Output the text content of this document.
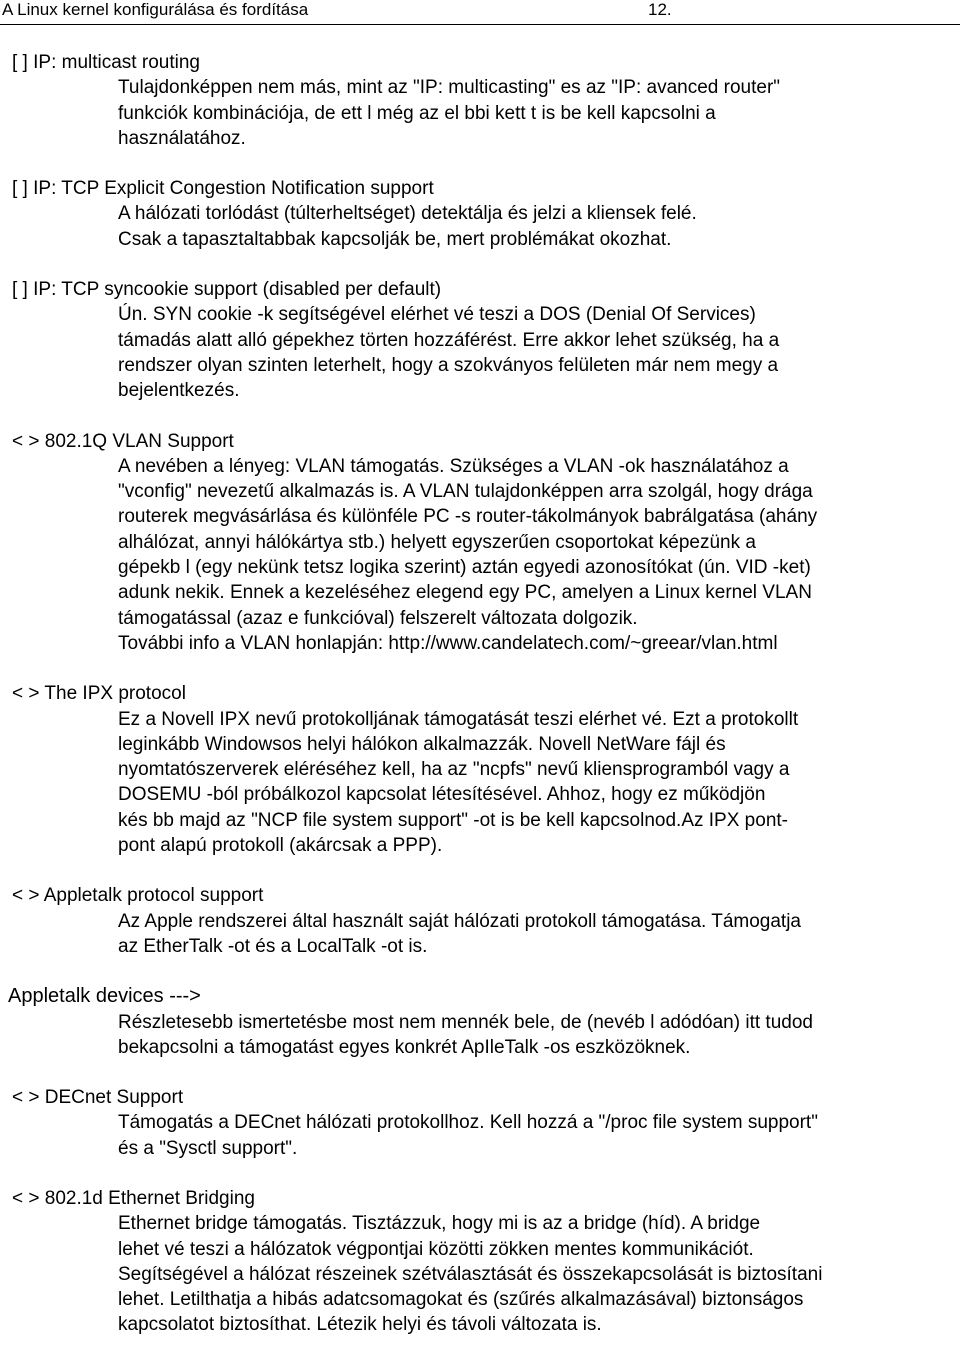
A Linux kernel konfigurálása és fordítása	12.
[ ] IP: multicast routing
Tulajdonképpen nem más, mint az "IP: multicasting" es az "IP: avanced router"
funkciók kombinációja, de ett l még az el bbi kett t is be kell kapcsolni a
használatához.
[ ] IP: TCP Explicit Congestion Notification support
A hálózati torlódást (túlterheltséget) detektálja és jelzi a kliensek felé.
Csak a tapasztaltabbak kapcsolják be, mert problémákat okozhat.
[ ] IP: TCP syncookie support (disabled per default)
Ún. SYN cookie -k segítségével elérhet vé teszi a DOS (Denial Of Services)
támadás alatt alló gépekhez törten hozzáférést. Erre akkor lehet szükség, ha a
rendszer olyan szinten leterhelt, hogy a szokványos felületen már nem megy a
bejelentkezés.
< > 802.1Q VLAN Support
A nevében a lényeg: VLAN támogatás. Szükséges a VLAN -ok használatához a
"vconfig" nevezetű alkalmazás is. A VLAN tulajdonképpen arra szolgál, hogy drága
routerek megvásárlása és különféle PC -s router-tákolmányok babrálgatása (ahány
alhálózat, annyi hálókártya stb.) helyett egyszerűen csoportokat képezünk a
gépekb l (egy nekünk tetsz logika szerint) aztán egyedi azonosítókat (ún. VID -ket)
adunk nekik. Ennek a kezeléséhez elegend egy PC, amelyen a Linux kernel VLAN
támogatással (azaz e funkcióval) felszerelt változata dolgozik.
További info a VLAN honlapján: http://www.candelatech.com/~greear/vlan.html
< > The IPX protocol
Ez a Novell IPX nevű protokolljának támogatását teszi elérhet vé. Ezt a protokollt
leginkább Windowsos helyi hálókon alkalmazzák. Novell NetWare fájl és
nyomtatószerverek eléréséhez kell, ha az "ncpfs" nevű kliensprogramból vagy a
DOSEMU -ból próbálkozol kapcsolat létesítésével. Ahhoz, hogy ez működjön
kés bb majd az "NCP file system support" -ot is be kell kapcsolnod.Az IPX pont-
pont alapú protokoll (akárcsak a PPP).
< > Appletalk protocol support
Az Apple rendszerei által használt saját hálózati protokoll támogatása. Támogatja
az EtherTalk -ot és a LocalTalk -ot is.
Appletalk devices --->
Részletesebb ismertetésbe most nem mennék bele, de (nevéb l adódóan) itt tudod
bekapcsolni a támogatást egyes konkrét ApIleTalk -os eszközöknek.
< > DECnet Support
Támogatás a DECnet hálózati protokollhoz. Kell hozzá a "/proc file system support"
és a "Sysctl support".
< > 802.1d Ethernet Bridging
Ethernet bridge támogatás. Tisztázzuk, hogy mi is az a bridge (híd). A bridge
lehet vé teszi a hálózatok végpontjai közötti zökken mentes kommunikációt.
Segítségével a hálózat részeinek szétválasztását és összekapcsolását is biztosítani
lehet. Letilthatja a hibás adatcsomagokat és (szűrés alkalmazásával) biztonságos
kapcsolatot biztosíthat. Létezik helyi és távoli változata is.
